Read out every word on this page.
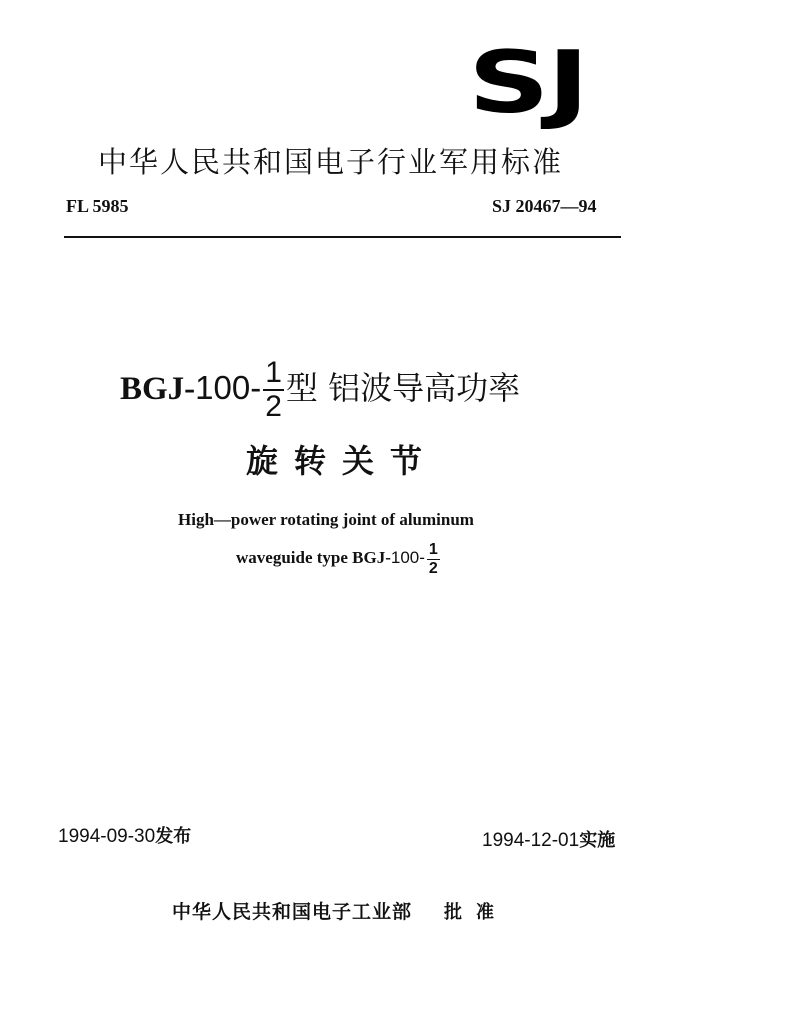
SJ
中华人民共和国电子行业军用标准
FL 5985	SJ 20467—94
$BGJ-100- \frac{1}{2}$ 型 铝波导高功率
旋转关节
High—power rotating joint of aluminum
waveguide type $BGJ-100- \frac{1}{2}$
1994-09-30发布	1994-12-01实施
中华人民共和国电子工业部 批准
